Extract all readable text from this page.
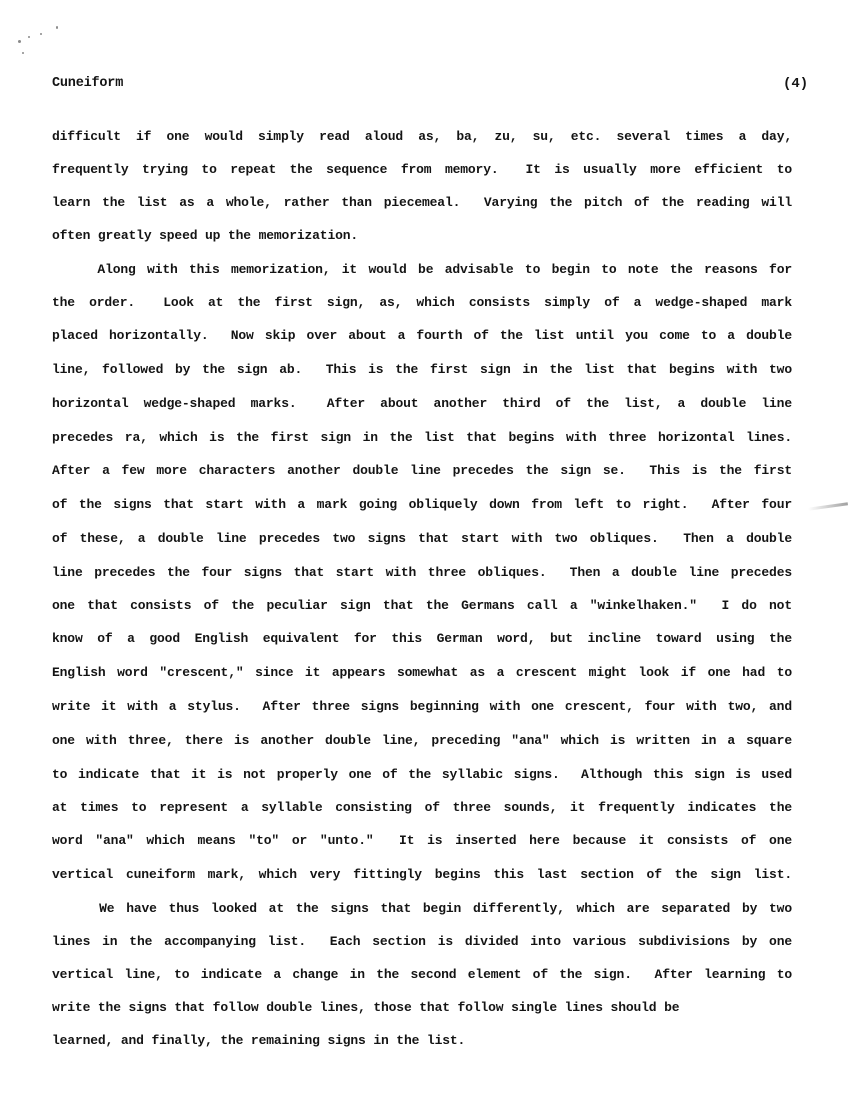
Cuneiform	(4)
difficult if one would simply read aloud as, ba, zu, su, etc. several times a day,
frequently trying to repeat the sequence from memory.  It is usually more efficient to
learn the list as a whole, rather than piecemeal.  Varying the pitch of the reading will
often greatly speed up the memorization.
Along with this memorization, it would be advisable to begin to note the reasons for
the order.  Look at the first sign, as, which consists simply of a wedge-shaped mark
placed horizontally.  Now skip over about a fourth of the list until you come to a double
line, followed by the sign ab.  This is the first sign in the list that begins with two
horizontal wedge-shaped marks.  After about another third of the list, a double line
precedes ra, which is the first sign in the list that begins with three horizontal lines.
After a few more characters another double line precedes the sign se.  This is the first
of the signs that start with a mark going obliquely down from left to right.  After four
of these, a double line precedes two signs that start with two obliques.  Then a double
line precedes the four signs that start with three obliques.  Then a double line precedes
one that consists of the peculiar sign that the Germans call a "winkelhaken."  I do not
know of a good English equivalent for this German word, but incline toward using the
English word "crescent," since it appears somewhat as a crescent might look if one had to
write it with a stylus.  After three signs beginning with one crescent, four with two, and
one with three, there is another double line, preceding "ana" which is written in a square
to indicate that it is not properly one of the syllabic signs.  Although this sign is used
at times to represent a syllable consisting of three sounds, it frequently indicates the
word "ana" which means "to" or "unto."  It is inserted here because it consists of one
vertical cuneiform mark, which very fittingly begins this last section of the sign list.
We have thus looked at the signs that begin differently, which are separated by two
lines in the accompanying list.  Each section is divided into various subdivisions by one
vertical line, to indicate a change in the second element of the sign.  After learning to
write the signs that follow double lines, those that follow single lines should be
learned, and finally, the remaining signs in the list.
